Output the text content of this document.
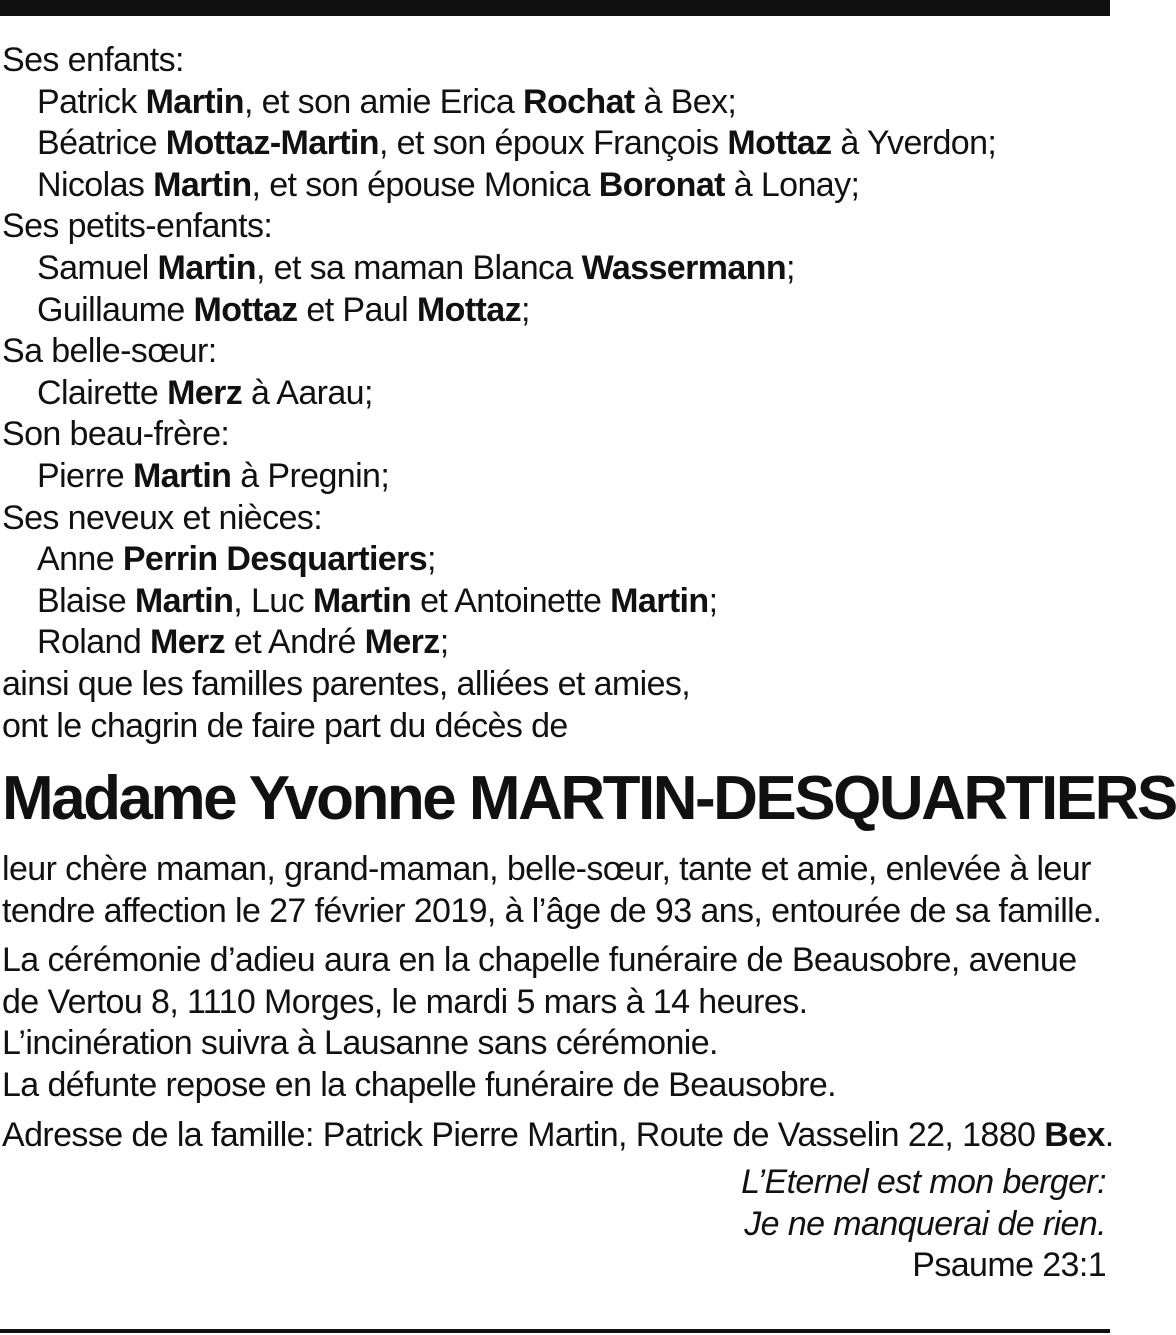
Ses enfants:
Patrick Martin, et son amie Erica Rochat à Bex;
Béatrice Mottaz-Martin, et son époux François Mottaz à Yverdon;
Nicolas Martin, et son épouse Monica Boronat à Lonay;
Ses petits-enfants:
Samuel Martin, et sa maman Blanca Wassermann;
Guillaume Mottaz et Paul Mottaz;
Sa belle-sœur:
Clairette Merz à Aarau;
Son beau-frère:
Pierre Martin à Pregnin;
Ses neveux et nièces:
Anne Perrin Desquartiers;
Blaise Martin, Luc Martin et Antoinette Martin;
Roland Merz et André Merz;
ainsi que les familles parentes, alliées et amies,
ont le chagrin de faire part du décès de
Madame Yvonne MARTIN-DESQUARTIERS
leur chère maman, grand-maman, belle-sœur, tante et amie, enlevée à leur
tendre affection le 27 février 2019, à l’âge de 93 ans, entourée de sa famille.
La cérémonie d’adieu aura en la chapelle funéraire de Beausobre, avenue
de Vertou 8, 1110 Morges, le mardi 5 mars à 14 heures.
L’incinération suivra à Lausanne sans cérémonie.
La défunte repose en la chapelle funéraire de Beausobre.
Adresse de la famille: Patrick Pierre Martin, Route de Vasselin 22, 1880 Bex.
L’Eternel est mon berger:
Je ne manquerai de rien.
Psaume 23:1
